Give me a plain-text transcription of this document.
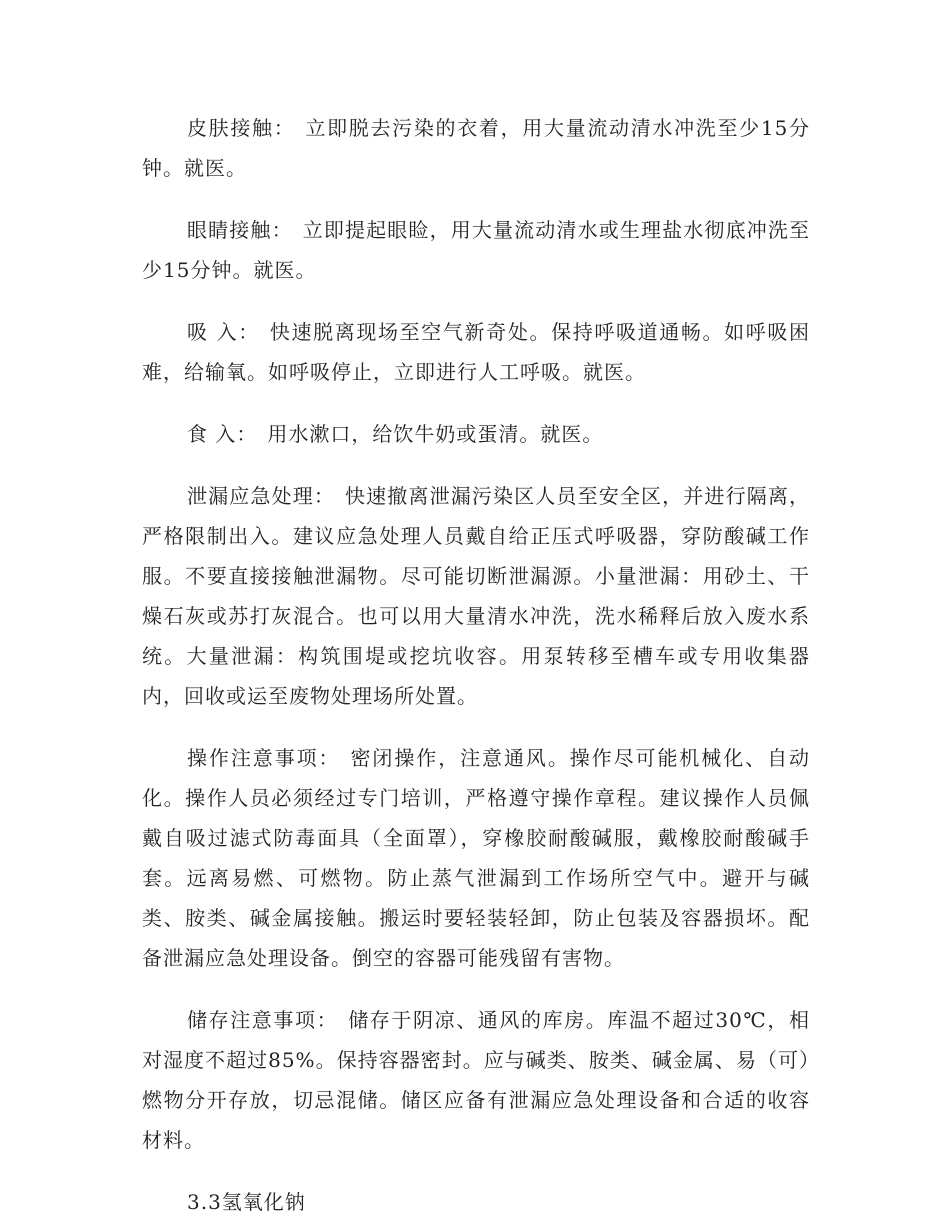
皮肤接触： 立即脱去污染的衣着，用大量流动清水冲洗至少15分钟。就医。

眼睛接触： 立即提起眼睑，用大量流动清水或生理盐水彻底冲洗至少15分钟。就医。

吸 入： 快速脱离现场至空气新奇处。保持呼吸道通畅。如呼吸困难，给输氧。如呼吸停止，立即进行人工呼吸。就医。

食 入： 用水漱口，给饮牛奶或蛋清。就医。

泄漏应急处理： 快速撤离泄漏污染区人员至安全区，并进行隔离，严格限制出入。建议应急处理人员戴自给正压式呼吸器，穿防酸碱工作服。不要直接接触泄漏物。尽可能切断泄漏源。小量泄漏：用砂土、干燥石灰或苏打灰混合。也可以用大量清水冲洗，洗水稀释后放入废水系统。大量泄漏：构筑围堤或挖坑收容。用泵转移至槽车或专用收集器内，回收或运至废物处理场所处置。

操作注意事项： 密闭操作，注意通风。操作尽可能机械化、自动化。操作人员必须经过专门培训，严格遵守操作章程。建议操作人员佩戴自吸过滤式防毒面具（全面罩），穿橡胶耐酸碱服，戴橡胶耐酸碱手套。远离易燃、可燃物。防止蒸气泄漏到工作场所空气中。避开与碱类、胺类、碱金属接触。搬运时要轻装轻卸，防止包装及容器损坏。配备泄漏应急处理设备。倒空的容器可能残留有害物。

储存注意事项： 储存于阴凉、通风的库房。库温不超过30℃，相对湿度不超过85%。保持容器密封。应与碱类、胺类、碱金属、易（可）燃物分开存放，切忌混储。储区应备有泄漏应急处理设备和合适的收容材料。

3.3氢氧化钠
